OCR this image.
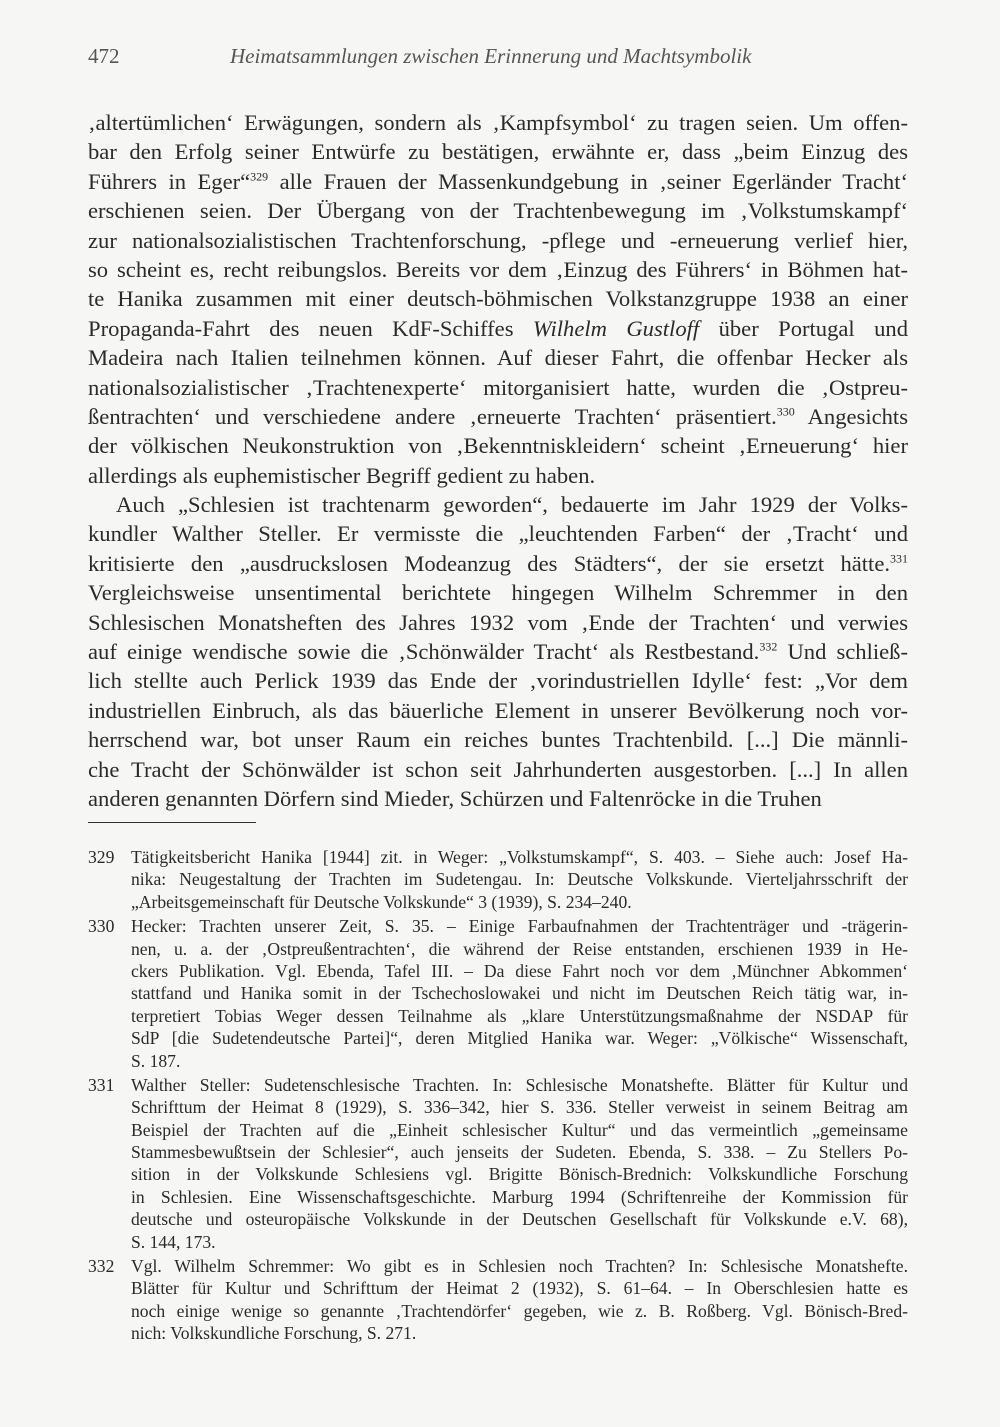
472	Heimatsammlungen zwischen Erinnerung und Machtsymbolik
‚altertümlichen‘ Erwägungen, sondern als ‚Kampfsymbol‘ zu tragen seien. Um offen-
bar den Erfolg seiner Entwürfe zu bestätigen, erwähnte er, dass „beim Einzug des
Führers in Eger“$^{329}$ alle Frauen der Massenkundgebung in ‚seiner Egerländer Tracht‘
erschienen seien. Der Übergang von der Trachtenbewegung im ‚Volkstumskampf‘
zur nationalsozialistischen Trachtenforschung, -pflege und -erneuerung verlief hier,
so scheint es, recht reibungslos. Bereits vor dem ‚Einzug des Führers‘ in Böhmen hat-
te Hanika zusammen mit einer deutsch-böhmischen Volkstanzgruppe 1938 an einer
Propaganda-Fahrt des neuen KdF-Schiffes Wilhelm Gustloff über Portugal und
Madeira nach Italien teilnehmen können. Auf dieser Fahrt, die offenbar Hecker als
nationalsozialistischer ‚Trachtenexperte‘ mitorganisiert hatte, wurden die ‚Ostpreu-
ßentrachten‘ und verschiedene andere ‚erneuerte Trachten‘ präsentiert.$^{330}$ Angesichts
der völkischen Neukonstruktion von ‚Bekenntniskleidern‘ scheint ‚Erneuerung‘ hier
allerdings als euphemistischer Begriff gedient zu haben.
Auch „Schlesien ist trachtenarm geworden“, bedauerte im Jahr 1929 der Volks-
kundler Walther Steller. Er vermisste die „leuchtenden Farben“ der ‚Tracht‘ und
kritisierte den „ausdruckslosen Modeanzug des Städters“, der sie ersetzt hätte.$^{331}$
Vergleichsweise unsentimental berichtete hingegen Wilhelm Schremmer in den
Schlesischen Monatsheften des Jahres 1932 vom ‚Ende der Trachten‘ und verwies
auf einige wendische sowie die ‚Schönwälder Tracht‘ als Restbestand.$^{332}$ Und schließ-
lich stellte auch Perlick 1939 das Ende der ‚vorindustriellen Idylle‘ fest: „Vor dem
industriellen Einbruch, als das bäuerliche Element in unserer Bevölkerung noch vor-
herrschend war, bot unser Raum ein reiches buntes Trachtenbild. [...] Die männli-
che Tracht der Schönwälder ist schon seit Jahrhunderten ausgestorben. [...] In allen
anderen genannten Dörfern sind Mieder, Schürzen und Faltenröcke in die Truhen
329 Tätigkeitsbericht Hanika [1944] zit. in Weger: „Volkstumskampf“, S. 403. – Siehe auch: Josef Ha-
nika: Neugestaltung der Trachten im Sudetengau. In: Deutsche Volkskunde. Vierteljahrsschrift der
„Arbeitsgemeinschaft für Deutsche Volkskunde“ 3 (1939), S. 234–240.
330 Hecker: Trachten unserer Zeit, S. 35. – Einige Farbaufnahmen der Trachtenträger und -trägerin-
nen, u. a. der ‚Ostpreußentrachten‘, die während der Reise entstanden, erschienen 1939 in He-
ckers Publikation. Vgl. Ebenda, Tafel III. – Da diese Fahrt noch vor dem ‚Münchner Abkommen‘
stattfand und Hanika somit in der Tschechoslowakei und nicht im Deutschen Reich tätig war, in-
terpretiert Tobias Weger dessen Teilnahme als „klare Unterstützungsmaßnahme der NSDAP für
SdP [die Sudetendeutsche Partei]“, deren Mitglied Hanika war. Weger: „Völkische“ Wissenschaft,
S. 187.
331 Walther Steller: Sudetenschlesische Trachten. In: Schlesische Monatshefte. Blätter für Kultur und
Schrifttum der Heimat 8 (1929), S. 336–342, hier S. 336. Steller verweist in seinem Beitrag am
Beispiel der Trachten auf die „Einheit schlesischer Kultur“ und das vermeintlich „gemeinsame
Stammesbewußtsein der Schlesier“, auch jenseits der Sudeten. Ebenda, S. 338. – Zu Stellers Po-
sition in der Volkskunde Schlesiens vgl. Brigitte Bönisch-Brednich: Volkskundliche Forschung
in Schlesien. Eine Wissenschaftsgeschichte. Marburg 1994 (Schriftenreihe der Kommission für
deutsche und osteuropäische Volkskunde in der Deutschen Gesellschaft für Volkskunde e.V. 68),
S. 144, 173.
332 Vgl. Wilhelm Schremmer: Wo gibt es in Schlesien noch Trachten? In: Schlesische Monatshefte.
Blätter für Kultur und Schrifttum der Heimat 2 (1932), S. 61–64. – In Oberschlesien hatte es
noch einige wenige so genannte ‚Trachtendörfer‘ gegeben, wie z. B. Roßberg. Vgl. Bönisch-Bred-
nich: Volkskundliche Forschung, S. 271.
